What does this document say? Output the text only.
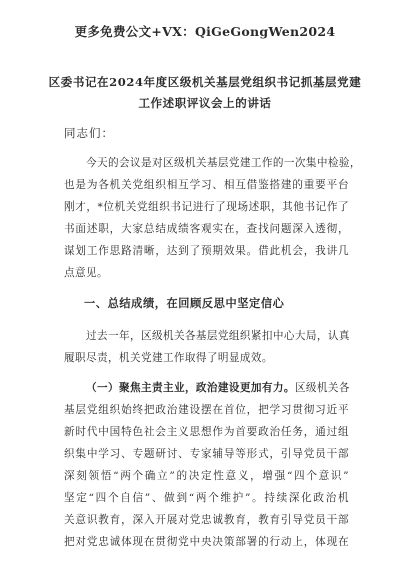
更多免费公文+VX：QiGeGongWen2024
区委书记在2024年度区级机关基层党组织书记抓基层党建
工作述职评议会上的讲话
同志们：
今天的会议是对区级机关基层党建工作的一次集中检验，
也是为各机关党组织相互学习、相互借鉴搭建的重要平台
刚才，*位机关党组织书记进行了现场述职，其他书记作了
书面述职，大家总结成绩客观实在，查找问题深入透彻，
谋划工作思路清晰，达到了预期效果。借此机会，我讲几
点意见。
一、总结成绩，在回顾反思中坚定信心
过去一年，区级机关各基层党组织紧扣中心大局，认真
履职尽责，机关党建工作取得了明显成效。
（一）聚焦主责主业，政治建设更加有力。区级机关各
基层党组织始终把政治建设摆在首位，把学习贯彻习近平
新时代中国特色社会主义思想作为首要政治任务，通过组
织集中学习、专题研讨、专家辅导等形式，引导党员干部
深刻领悟“两个确立”的决定性意义，增强“四个意识”
坚定“四个自信”、做到“两个维护”。持续深化政治机
关意识教育，深入开展对党忠诚教育，教育引导党员干部
把对党忠诚体现在贯彻党中央决策部署的行动上，体现在
